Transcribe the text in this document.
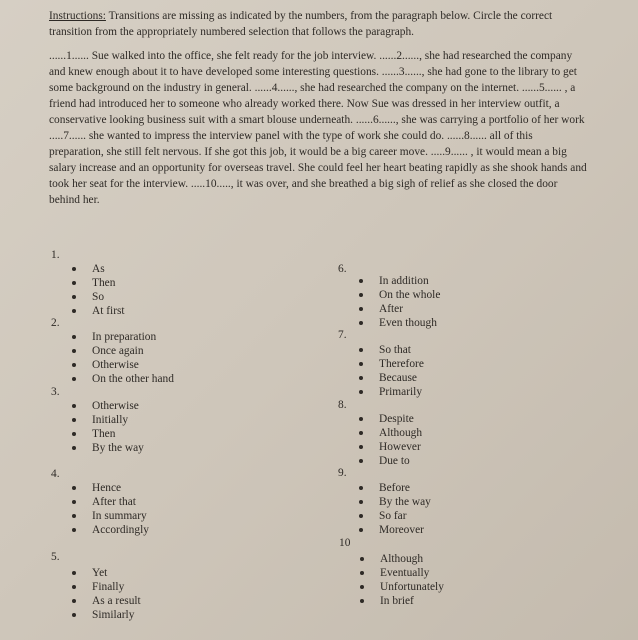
Instructions: Transitions are missing as indicated by the numbers, from the paragraph below. Circle the correct transition from the appropriately numbered selection that follows the paragraph.
......1...... Sue walked into the office, she felt ready for the job interview. ......2......, she had researched the company and knew enough about it to have developed some interesting questions. ......3......, she had gone to the library to get some background on the industry in general. ......4......, she had researched the company on the internet. ......5...... , a friend had introduced her to someone who already worked there. Now Sue was dressed in her interview outfit, a conservative looking business suit with a smart blouse underneath. ......6......, she was carrying a portfolio of her work .....7...... she wanted to impress the interview panel with the type of work she could do. ......8...... all of this preparation, she still felt nervous. If she got this job, it would be a big career move. .....9...... , it would mean a big salary increase and an opportunity for overseas travel. She could feel her heart beating rapidly as she shook hands and took her seat for the interview. .....10....., it was over, and she breathed a big sigh of relief as she closed the door behind her.
1.
As
Then
So
At first
2.
In preparation
Once again
Otherwise
On the other hand
3.
Otherwise
Initially
Then
By the way
4.
Hence
After that
In summary
Accordingly
5.
Yet
Finally
As a result
Similarly
6.
In addition
On the whole
After
Even though
7.
So that
Therefore
Because
Primarily
8.
Despite
Although
However
Due to
9.
Before
By the way
So far
Moreover
10
Although
Eventually
Unfortunately
In brief
